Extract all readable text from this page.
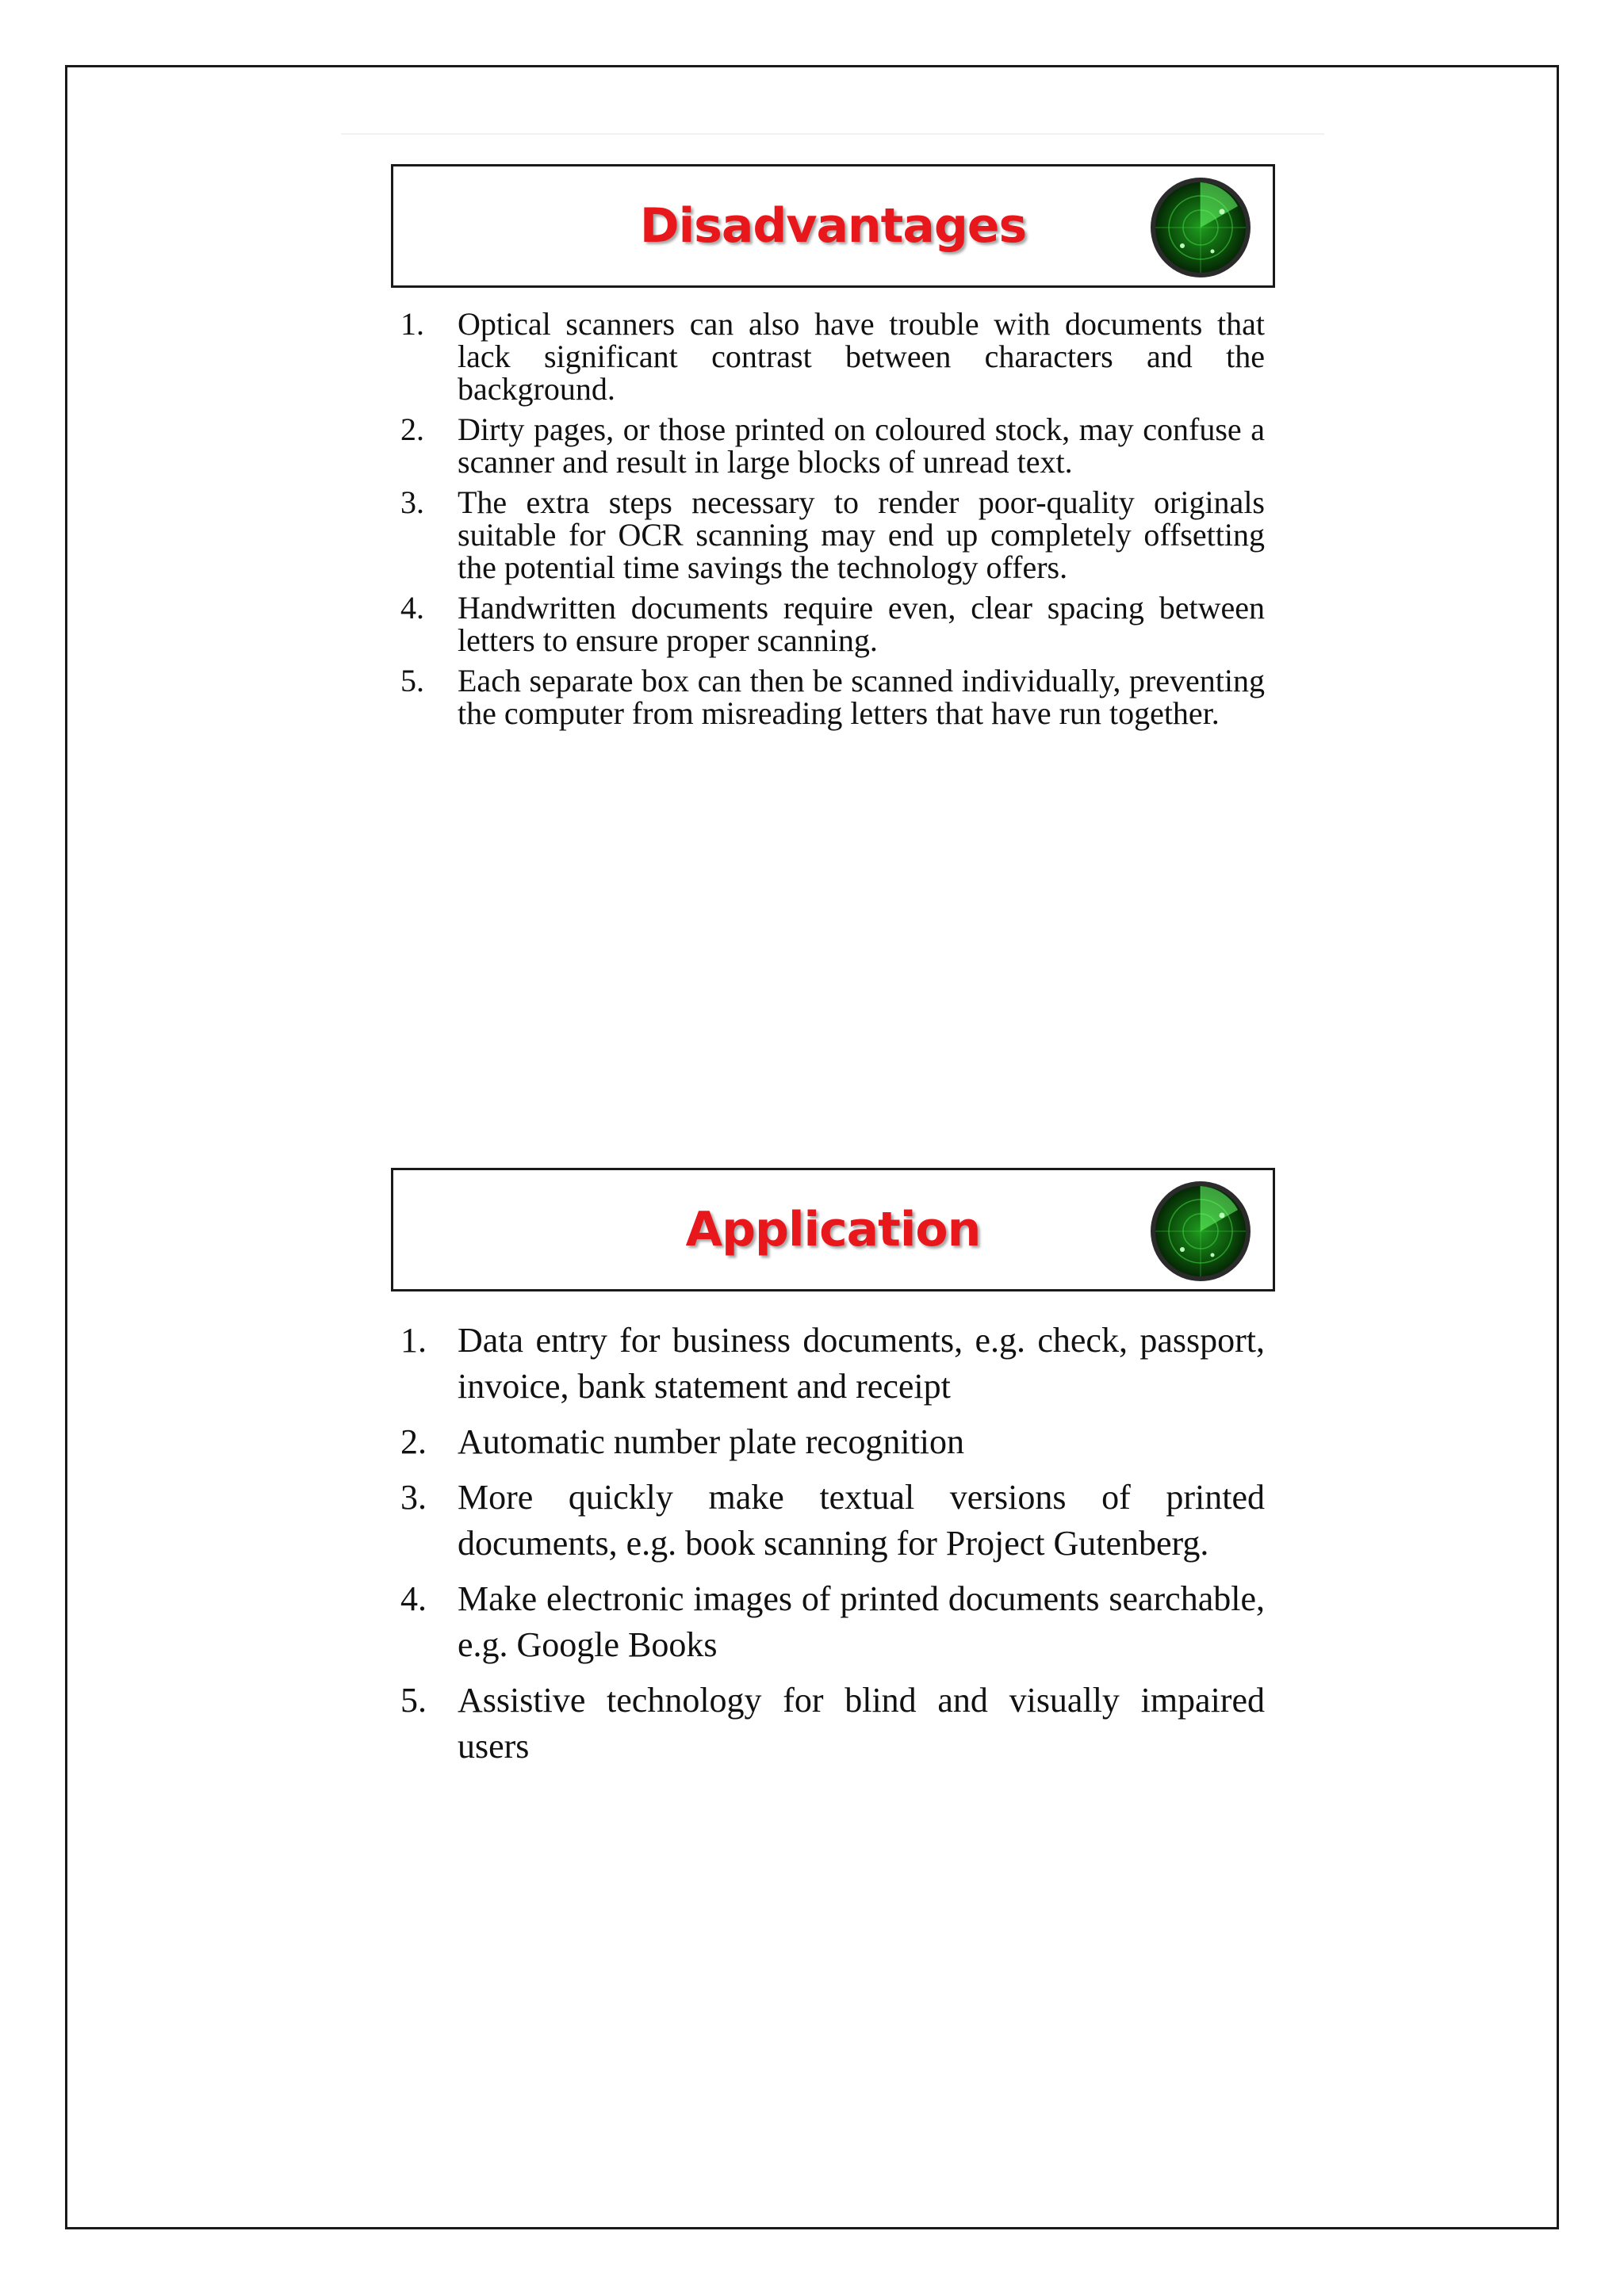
Disadvantages
1.	Optical scanners can also have trouble with documents that lack significant contrast between characters and the background.
2.	Dirty pages, or those printed on coloured stock, may confuse a scanner and result in large blocks of unread text.
3.	The extra steps necessary to render poor-quality originals suitable for OCR scanning may end up completely offsetting the potential time savings the technology offers.
4.	Handwritten documents require even, clear spacing between letters to ensure proper scanning.
5.	Each separate box can then be scanned individually, preventing the computer from misreading letters that have run together.
Application
1. Data entry for business documents, e.g. check, passport, invoice, bank statement and receipt
2. Automatic number plate recognition
3. More quickly make textual versions of printed documents, e.g. book scanning for Project Gutenberg.
4. Make electronic images of printed documents searchable, e.g. Google Books
5. Assistive technology for blind and visually impaired users
